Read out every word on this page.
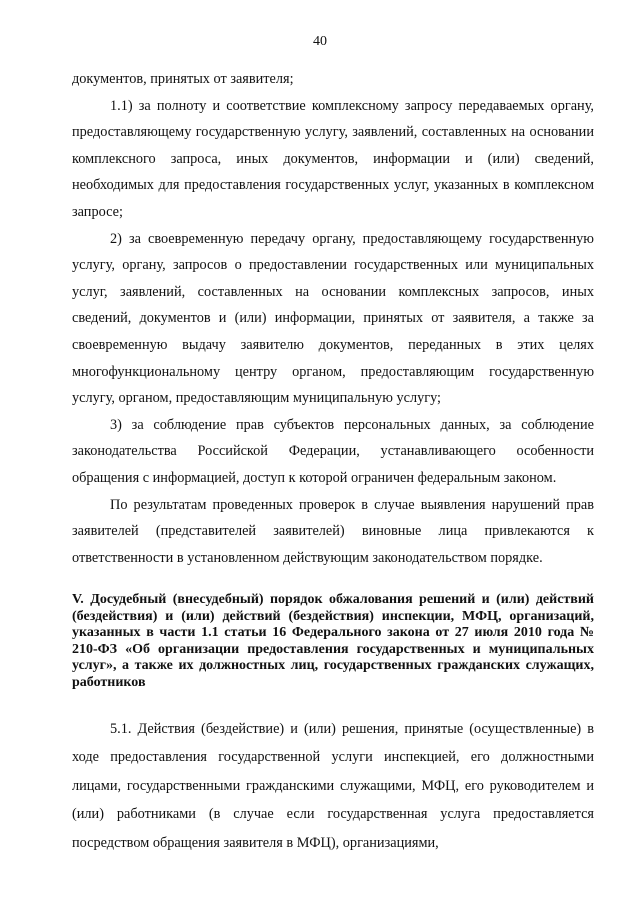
40

документов, принятых от заявителя;

1.1) за полноту и соответствие комплексному запросу передаваемых органу, предоставляющему государственную услугу, заявлений, составленных на основании комплексного запроса, иных документов, информации и (или) сведений, необходимых для предоставления государственных услуг, указанных в комплексном запросе;

2) за своевременную передачу органу, предоставляющему государственную услугу, органу, запросов о предоставлении государственных или муниципальных услуг, заявлений, составленных на основании комплексных запросов, иных сведений, документов и (или) информации, принятых от заявителя, а также за своевременную выдачу заявителю документов, переданных в этих целях многофункциональному центру органом, предоставляющим государственную услугу, органом, предоставляющим муниципальную услугу;

3) за соблюдение прав субъектов персональных данных, за соблюдение законодательства Российской Федерации, устанавливающего особенности обращения с информацией, доступ к которой ограничен федеральным законом.

По результатам проведенных проверок в случае выявления нарушений прав заявителей (представителей заявителей) виновные лица привлекаются к ответственности в установленном действующим законодательством порядке.

V. Досудебный (внесудебный) порядок обжалования решений и (или) действий (бездействия) и (или) действий (бездействия) инспекции, МФЦ, организаций, указанных в части 1.1 статьи 16 Федерального закона от 27 июля 2010 года № 210-ФЗ «Об организации предоставления государственных и муниципальных услуг», а также их должностных лиц, государственных гражданских служащих, работников

5.1. Действия (бездействие) и (или) решения, принятые (осуществленные) в ходе предоставления государственной услуги инспекцией, его должностными лицами, государственными гражданскими служащими, МФЦ, его руководителем и (или) работниками (в случае если государственная услуга предоставляется посредством обращения заявителя в МФЦ), организациями,
